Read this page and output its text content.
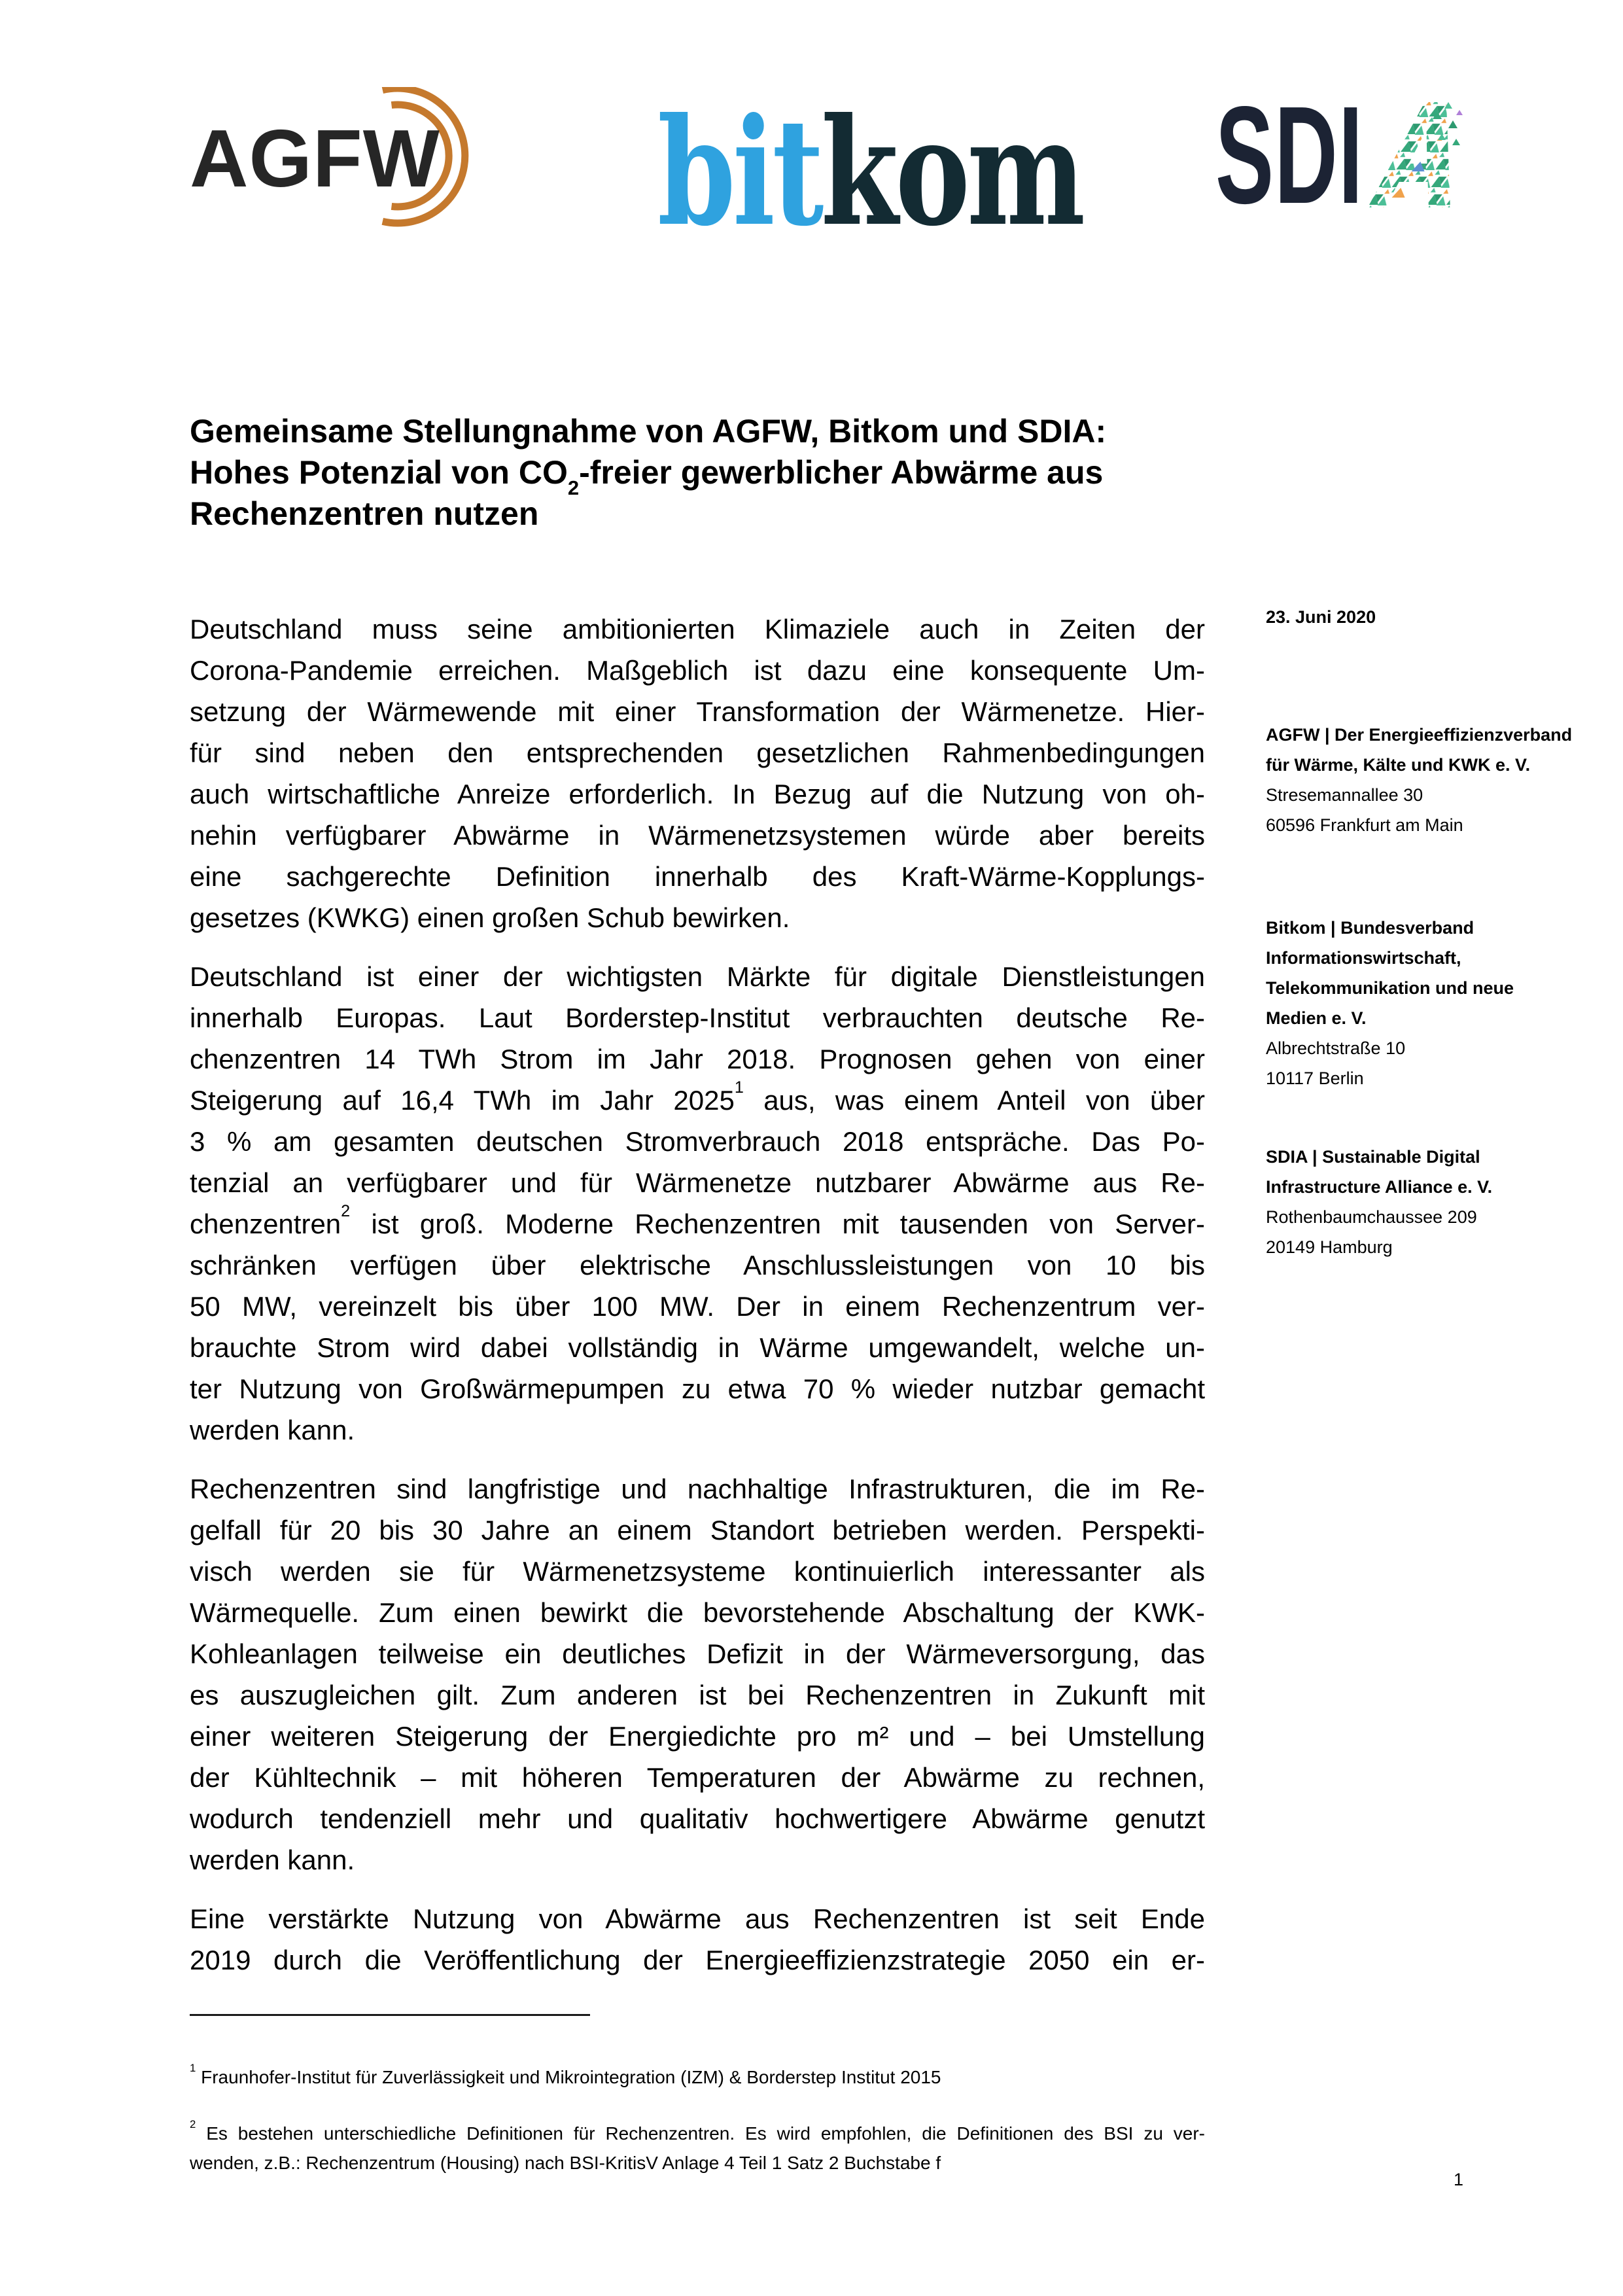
AGFW bitkom SDI
Gemeinsame Stellungnahme von AGFW, Bitkom und SDIA:
Hohes Potenzial von $CO_2$-freier gewerblicher Abwärme aus
Rechenzentren nutzen
Deutschland muss seine ambitionierten Klimaziele auch in Zeiten der
Corona-Pandemie erreichen. Maßgeblich ist dazu eine konsequente Um-
setzung der Wärmewende mit einer Transformation der Wärmenetze. Hier-
für sind neben den entsprechenden gesetzlichen Rahmenbedingungen
auch wirtschaftliche Anreize erforderlich. In Bezug auf die Nutzung von oh-
nehin verfügbarer Abwärme in Wärmenetzsystemen würde aber bereits
eine sachgerechte Definition innerhalb des Kraft-Wärme-Kopplungs-
gesetzes (KWKG) einen großen Schub bewirken.
Deutschland ist einer der wichtigsten Märkte für digitale Dienstleistungen
innerhalb Europas. Laut Borderstep-Institut verbrauchten deutsche Re-
chenzentren 14 TWh Strom im Jahr 2018. Prognosen gehen von einer
Steigerung auf 16,4 TWh im Jahr 2025$^1$ aus, was einem Anteil von über
3 % am gesamten deutschen Stromverbrauch 2018 entspräche. Das Po-
tenzial an verfügbarer und für Wärmenetze nutzbarer Abwärme aus Re-
chenzentren$^2$ ist groß. Moderne Rechenzentren mit tausenden von Server-
schränken verfügen über elektrische Anschlussleistungen von 10 bis
50 MW, vereinzelt bis über 100 MW. Der in einem Rechenzentrum ver-
brauchte Strom wird dabei vollständig in Wärme umgewandelt, welche un-
ter Nutzung von Großwärmepumpen zu etwa 70 % wieder nutzbar gemacht
werden kann.
Rechenzentren sind langfristige und nachhaltige Infrastrukturen, die im Re-
gelfall für 20 bis 30 Jahre an einem Standort betrieben werden. Perspekti-
visch werden sie für Wärmenetzsysteme kontinuierlich interessanter als
Wärmequelle. Zum einen bewirkt die bevorstehende Abschaltung der KWK-
Kohleanlagen teilweise ein deutliches Defizit in der Wärmeversorgung, das
es auszugleichen gilt. Zum anderen ist bei Rechenzentren in Zukunft mit
einer weiteren Steigerung der Energiedichte pro m² und – bei Umstellung
der Kühltechnik – mit höheren Temperaturen der Abwärme zu rechnen,
wodurch tendenziell mehr und qualitativ hochwertigere Abwärme genutzt
werden kann.
Eine verstärkte Nutzung von Abwärme aus Rechenzentren ist seit Ende
2019 durch die Veröffentlichung der Energieeffizienzstrategie 2050 ein er-
23. Juni 2020
AGFW | Der Energieeffizienzverband
für Wärme, Kälte und KWK e. V.
Stresemannallee 30
60596 Frankfurt am Main
Bitkom | Bundesverband
Informationswirtschaft,
Telekommunikation und neue
Medien e. V.
Albrechtstraße 10
10117 Berlin
SDIA | Sustainable Digital
Infrastructure Alliance e. V.
Rothenbaumchaussee 209
20149 Hamburg
$^1$ Fraunhofer-Institut für Zuverlässigkeit und Mikrointegration (IZM) & Borderstep Institut 2015
$^2$ Es bestehen unterschiedliche Definitionen für Rechenzentren. Es wird empfohlen, die Definitionen des BSI zu ver-
wenden, z.B.: Rechenzentrum (Housing) nach BSI-KritisV Anlage 4 Teil 1 Satz 2 Buchstabe f
1
